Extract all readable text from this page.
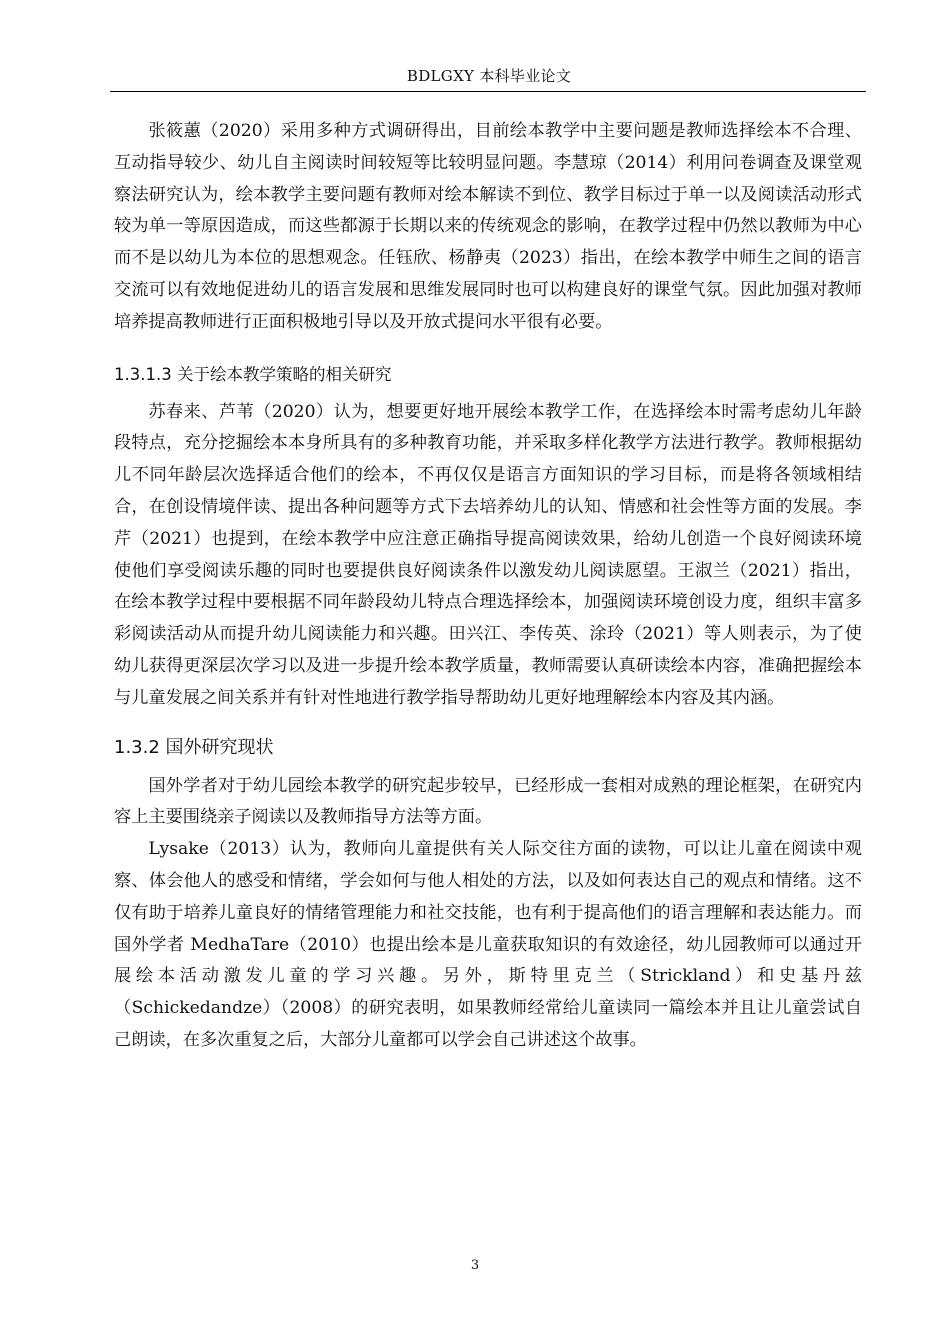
BDLGXY 本科毕业论文

张筱蕙（2020）采用多种方式调研得出，目前绘本教学中主要问题是教师选择绘本不合理、互动指导较少、幼儿自主阅读时间较短等比较明显问题。李慧琼（2014）利用问卷调查及课堂观察法研究认为，绘本教学主要问题有教师对绘本解读不到位、教学目标过于单一以及阅读活动形式较为单一等原因造成，而这些都源于长期以来的传统观念的影响，在教学过程中仍然以教师为中心而不是以幼儿为本位的思想观念。任钰欣、杨静夷（2023）指出，在绘本教学中师生之间的语言交流可以有效地促进幼儿的语言发展和思维发展同时也可以构建良好的课堂气氛。因此加强对教师培养提高教师进行正面积极地引导以及开放式提问水平很有必要。

1.3.1.3 关于绘本教学策略的相关研究

苏春来、芦苇（2020）认为，想要更好地开展绘本教学工作，在选择绘本时需考虑幼儿年龄段特点，充分挖掘绘本本身所具有的多种教育功能，并采取多样化教学方法进行教学。教师根据幼儿不同年龄层次选择适合他们的绘本，不再仅仅是语言方面知识的学习目标，而是将各领域相结合，在创设情境伴读、提出各种问题等方式下去培养幼儿的认知、情感和社会性等方面的发展。李芹（2021）也提到，在绘本教学中应注意正确指导提高阅读效果，给幼儿创造一个良好阅读环境使他们享受阅读乐趣的同时也要提供良好阅读条件以激发幼儿阅读愿望。王淑兰（2021）指出，在绘本教学过程中要根据不同年龄段幼儿特点合理选择绘本，加强阅读环境创设力度，组织丰富多彩阅读活动从而提升幼儿阅读能力和兴趣。田兴江、李传英、涂玲（2021）等人则表示，为了使幼儿获得更深层次学习以及进一步提升绘本教学质量，教师需要认真研读绘本内容，准确把握绘本与儿童发展之间关系并有针对性地进行教学指导帮助幼儿更好地理解绘本内容及其内涵。

1.3.2 国外研究现状

国外学者对于幼儿园绘本教学的研究起步较早，已经形成一套相对成熟的理论框架，在研究内容上主要围绕亲子阅读以及教师指导方法等方面。

Lysake（2013）认为，教师向儿童提供有关人际交往方面的读物，可以让儿童在阅读中观察、体会他人的感受和情绪，学会如何与他人相处的方法，以及如何表达自己的观点和情绪。这不仅有助于培养儿童良好的情绪管理能力和社交技能，也有利于提高他们的语言理解和表达能力。而国外学者 MedhaTare（2010）也提出绘本是儿童获取知识的有效途径，幼儿园教师可以通过开展绘本活动激发儿童的学习兴趣。另外，斯特里克兰（Strickland）和史基丹兹（Schickedandze）（2008）的研究表明，如果教师经常给儿童读同一篇绘本并且让儿童尝试自己朗读，在多次重复之后，大部分儿童都可以学会自己讲述这个故事。

3
